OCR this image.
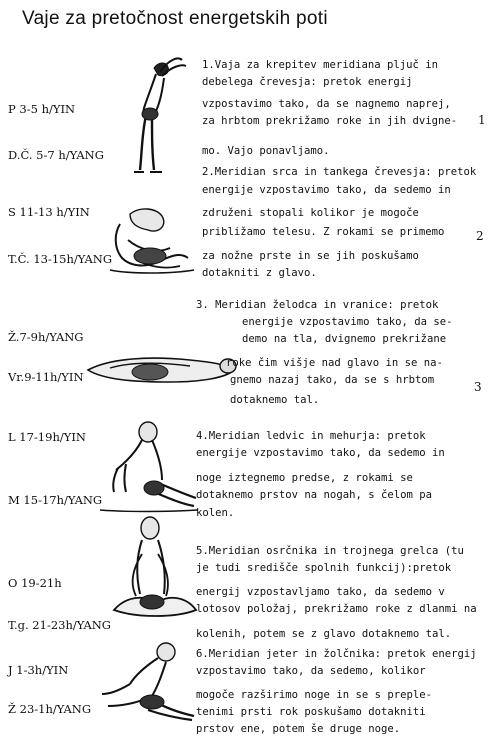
Vaje za pretočnost energetskih poti
P 3-5 h/YIN
D.Č. 5-7 h/YANG
1.Vaja za krepitev meridiana pljuč in
debelega črevesja: pretok energij
vzpostavimo tako, da se nagnemo naprej,
za hrbtom prekrižamo roke in jih dvigne-
mo. Vajo ponavljamo.
1
S 11-13 h/YIN
T.Č. 13-15h/YANG
2.Meridian srca in tankega črevesja: pretok
energije vzpostavimo tako, da sedemo in
združeni stopali kolikor je mogoče
približamo telesu. Z rokami se primemo
za nožne prste in se jih poskušamo
dotakniti z glavo.
2
Ž.7-9h/YANG
Vr.9-11h/YIN
3. Meridian želodca in vranice: pretok
energije vzpostavimo tako, da se-
demo na tla, dvignemo prekrižane
roke čim višje nad glavo in se na-
gnemo nazaj tako, da se s hrbtom
dotaknemo tal.
3
L 17-19h/YIN
M 15-17h/YANG
4.Meridian ledvic in mehurja: pretok
energije vzpostavimo tako, da sedemo in
noge iztegnemo predse, z rokami se
dotaknemo prstov na nogah, s čelom pa
kolen.
O 19-21h
T.g. 21-23h/YANG
5.Meridian osrčnika in trojnega grelca (tu
je tudi središče spolnih funkcij):pretok
energij vzpostavljamo tako, da sedemo v
lotosov položaj, prekrižamo roke z dlanmi na
kolenih, potem se z glavo dotaknemo tal.
J 1-3h/YIN
Ž 23-1h/YANG
6.Meridian jeter in žolčnika: pretok energij
vzpostavimo tako, da sedemo, kolikor
mogoče razširimo noge in se s preple-
tenimi prsti rok poskušamo dotakniti
prstov ene, potem še druge noge.
